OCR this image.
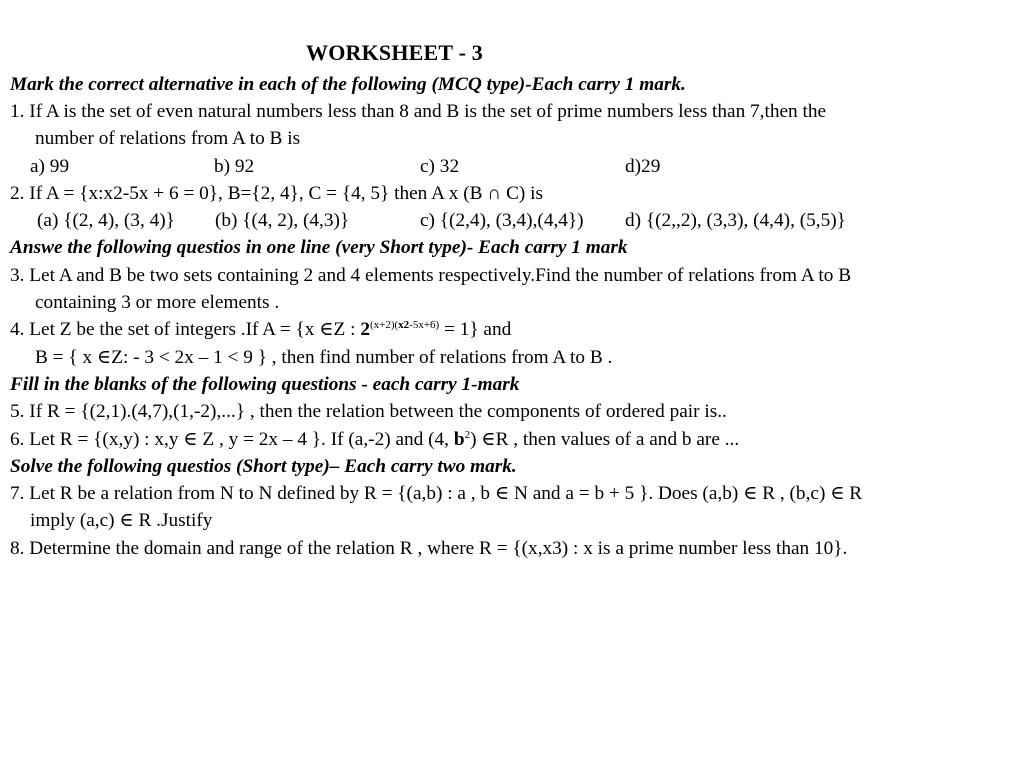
WORKSHEET - 3
Mark the correct alternative in each of the following (MCQ type)-Each carry 1 mark.
1. If A is the set of even natural numbers less than 8 and B is the set of prime numbers less than 7,then the
number of relations from A to B is
a) 99	b) 92	c) 32	d)29
2. If A = {x:x2-5x + 6 = 0}, B={2, 4}, C = {4, 5} then A x (B ∩ C) is
(a) {(2, 4), (3, 4)} (b) {(4, 2), (4,3)}	c) {(2,4), (3,4),(4,4}) d) {(2,,2), (3,3), (4,4), (5,5)}
Answe the following questios in one line (very Short type)- Each carry 1 mark
3. Let A and B be two sets containing 2 and 4 elements respectively.Find the number of relations from A to B
containing 3 or more elements .
4. Let Z be the set of integers .If A = {x ∈Z : $2^{(x+2)(x2-5x+6)} = 1$} and
B = { x ∈Z: - 3 < 2x – 1 < 9 } , then find number of relations from A to B .
Fill in the blanks of the following questions - each carry 1-mark
5. If R = {(2,1).(4,7),(1,-2),...} , then the relation between the components of ordered pair is..
6. Let R = {(x,y) : x,y ∈ Z , y = 2x – 4 }. If (a,-2) and (4, $b^2$) ∈R , then values of a and b are ...
Solve the following questios (Short type)– Each carry two mark.
7. Let R be a relation from N to N defined by R = {(a,b) : a , b ∈ N and a = b + 5 }. Does (a,b) ∈ R , (b,c) ∈ R
imply (a,c) ∈ R .Justify
8. Determine the domain and range of the relation R , where R = {(x,x3) : x is a prime number less than 10}.
